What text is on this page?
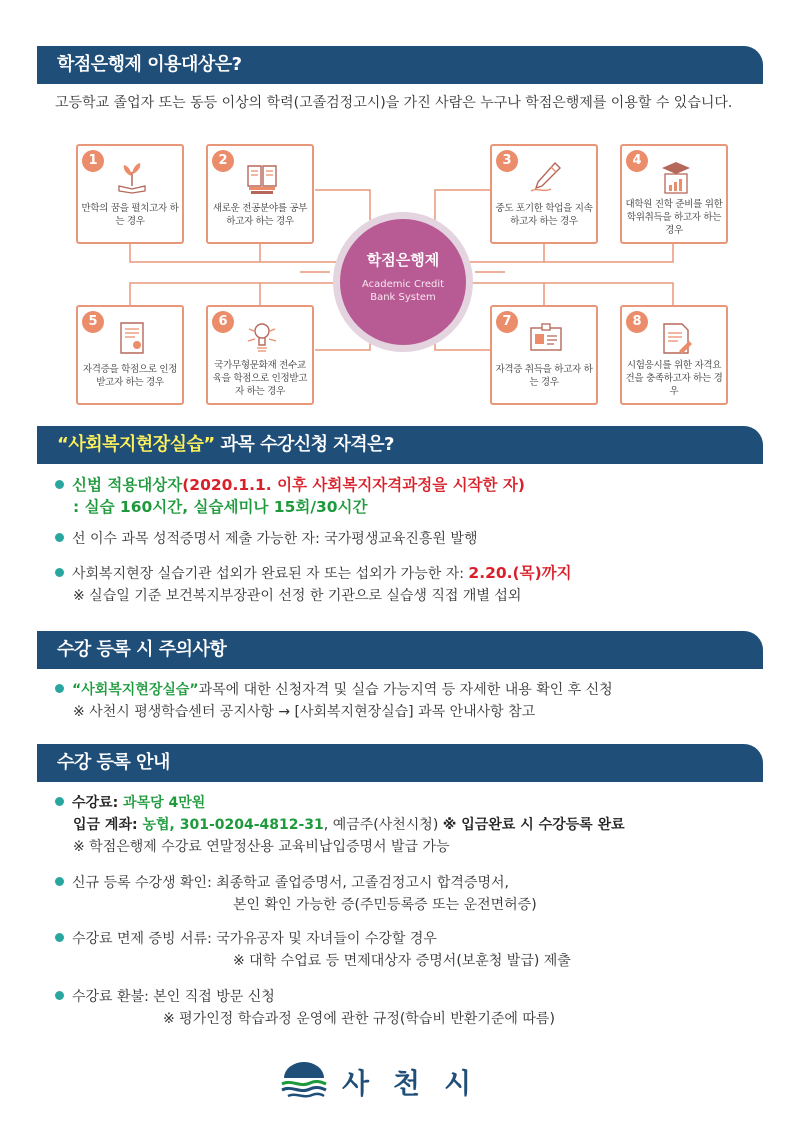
학점은행제 이용대상은?
고등학교 졸업자 또는 동등 이상의 학력(고졸검정고시)을 가진 사람은 누구나 학점은행제를 이용할 수 있습니다.
1
만학의 꿈을 펼치고자 하는 경우
2
새로운 전공분야를 공부하고자 하는 경우
3
중도 포기한 학업을 지속하고자 하는 경우
4
대학원 진학 준비를 위한 학위취득을 하고자 하는 경우
5
자격증을 학점으로 인정받고자 하는 경우
6
국가무형문화재 전수교육을 학점으로 인정받고자 하는 경우
7
자격증 취득을 하고자 하는 경우
8
시험응시를 위한 자격요건을 충족하고자 하는 경우
학점은행제
Academic Credit
Bank System
“사회복지현장실습” 과목 수강신청 자격은?
신법 적용대상자(2020.1.1. 이후 사회복지자격과정을 시작한 자)
: 실습 160시간, 실습세미나 15회/30시간
선 이수 과목 성적증명서 제출 가능한 자: 국가평생교육진흥원 발행
사회복지현장 실습기관 섭외가 완료된 자 또는 섭외가 가능한 자: 2.20.(목)까지
※ 실습일 기준 보건복지부장관이 선정 한 기관으로 실습생 직접 개별 섭외
수강 등록 시 주의사항
“사회복지현장실습”과목에 대한 신청자격 및 실습 가능지역 등 자세한 내용 확인 후 신청
※ 사천시 평생학습센터 공지사항 → [사회복지현장실습] 과목 안내사항 참고
수강 등록 안내
수강료: 과목당 4만원
입금 계좌: 농협, 301-0204-4812-31, 예금주(사천시청) ※ 입금완료 시 수강등록 완료
※ 학점은행제 수강료 연말정산용 교육비납입증명서 발급 가능
신규 등록 수강생 확인: 최종학교 졸업증명서, 고졸검정고시 합격증명서,
본인 확인 가능한 증(주민등록증 또는 운전면허증)
수강료 면제 증빙 서류: 국가유공자 및 자녀들이 수강할 경우
※ 대학 수업료 등 면제대상자 증명서(보훈청 발급) 제출
수강료 환불: 본인 직접 방문 신청
※ 평가인정 학습과정 운영에 관한 규정(학습비 반환기준에 따름)
사천시
